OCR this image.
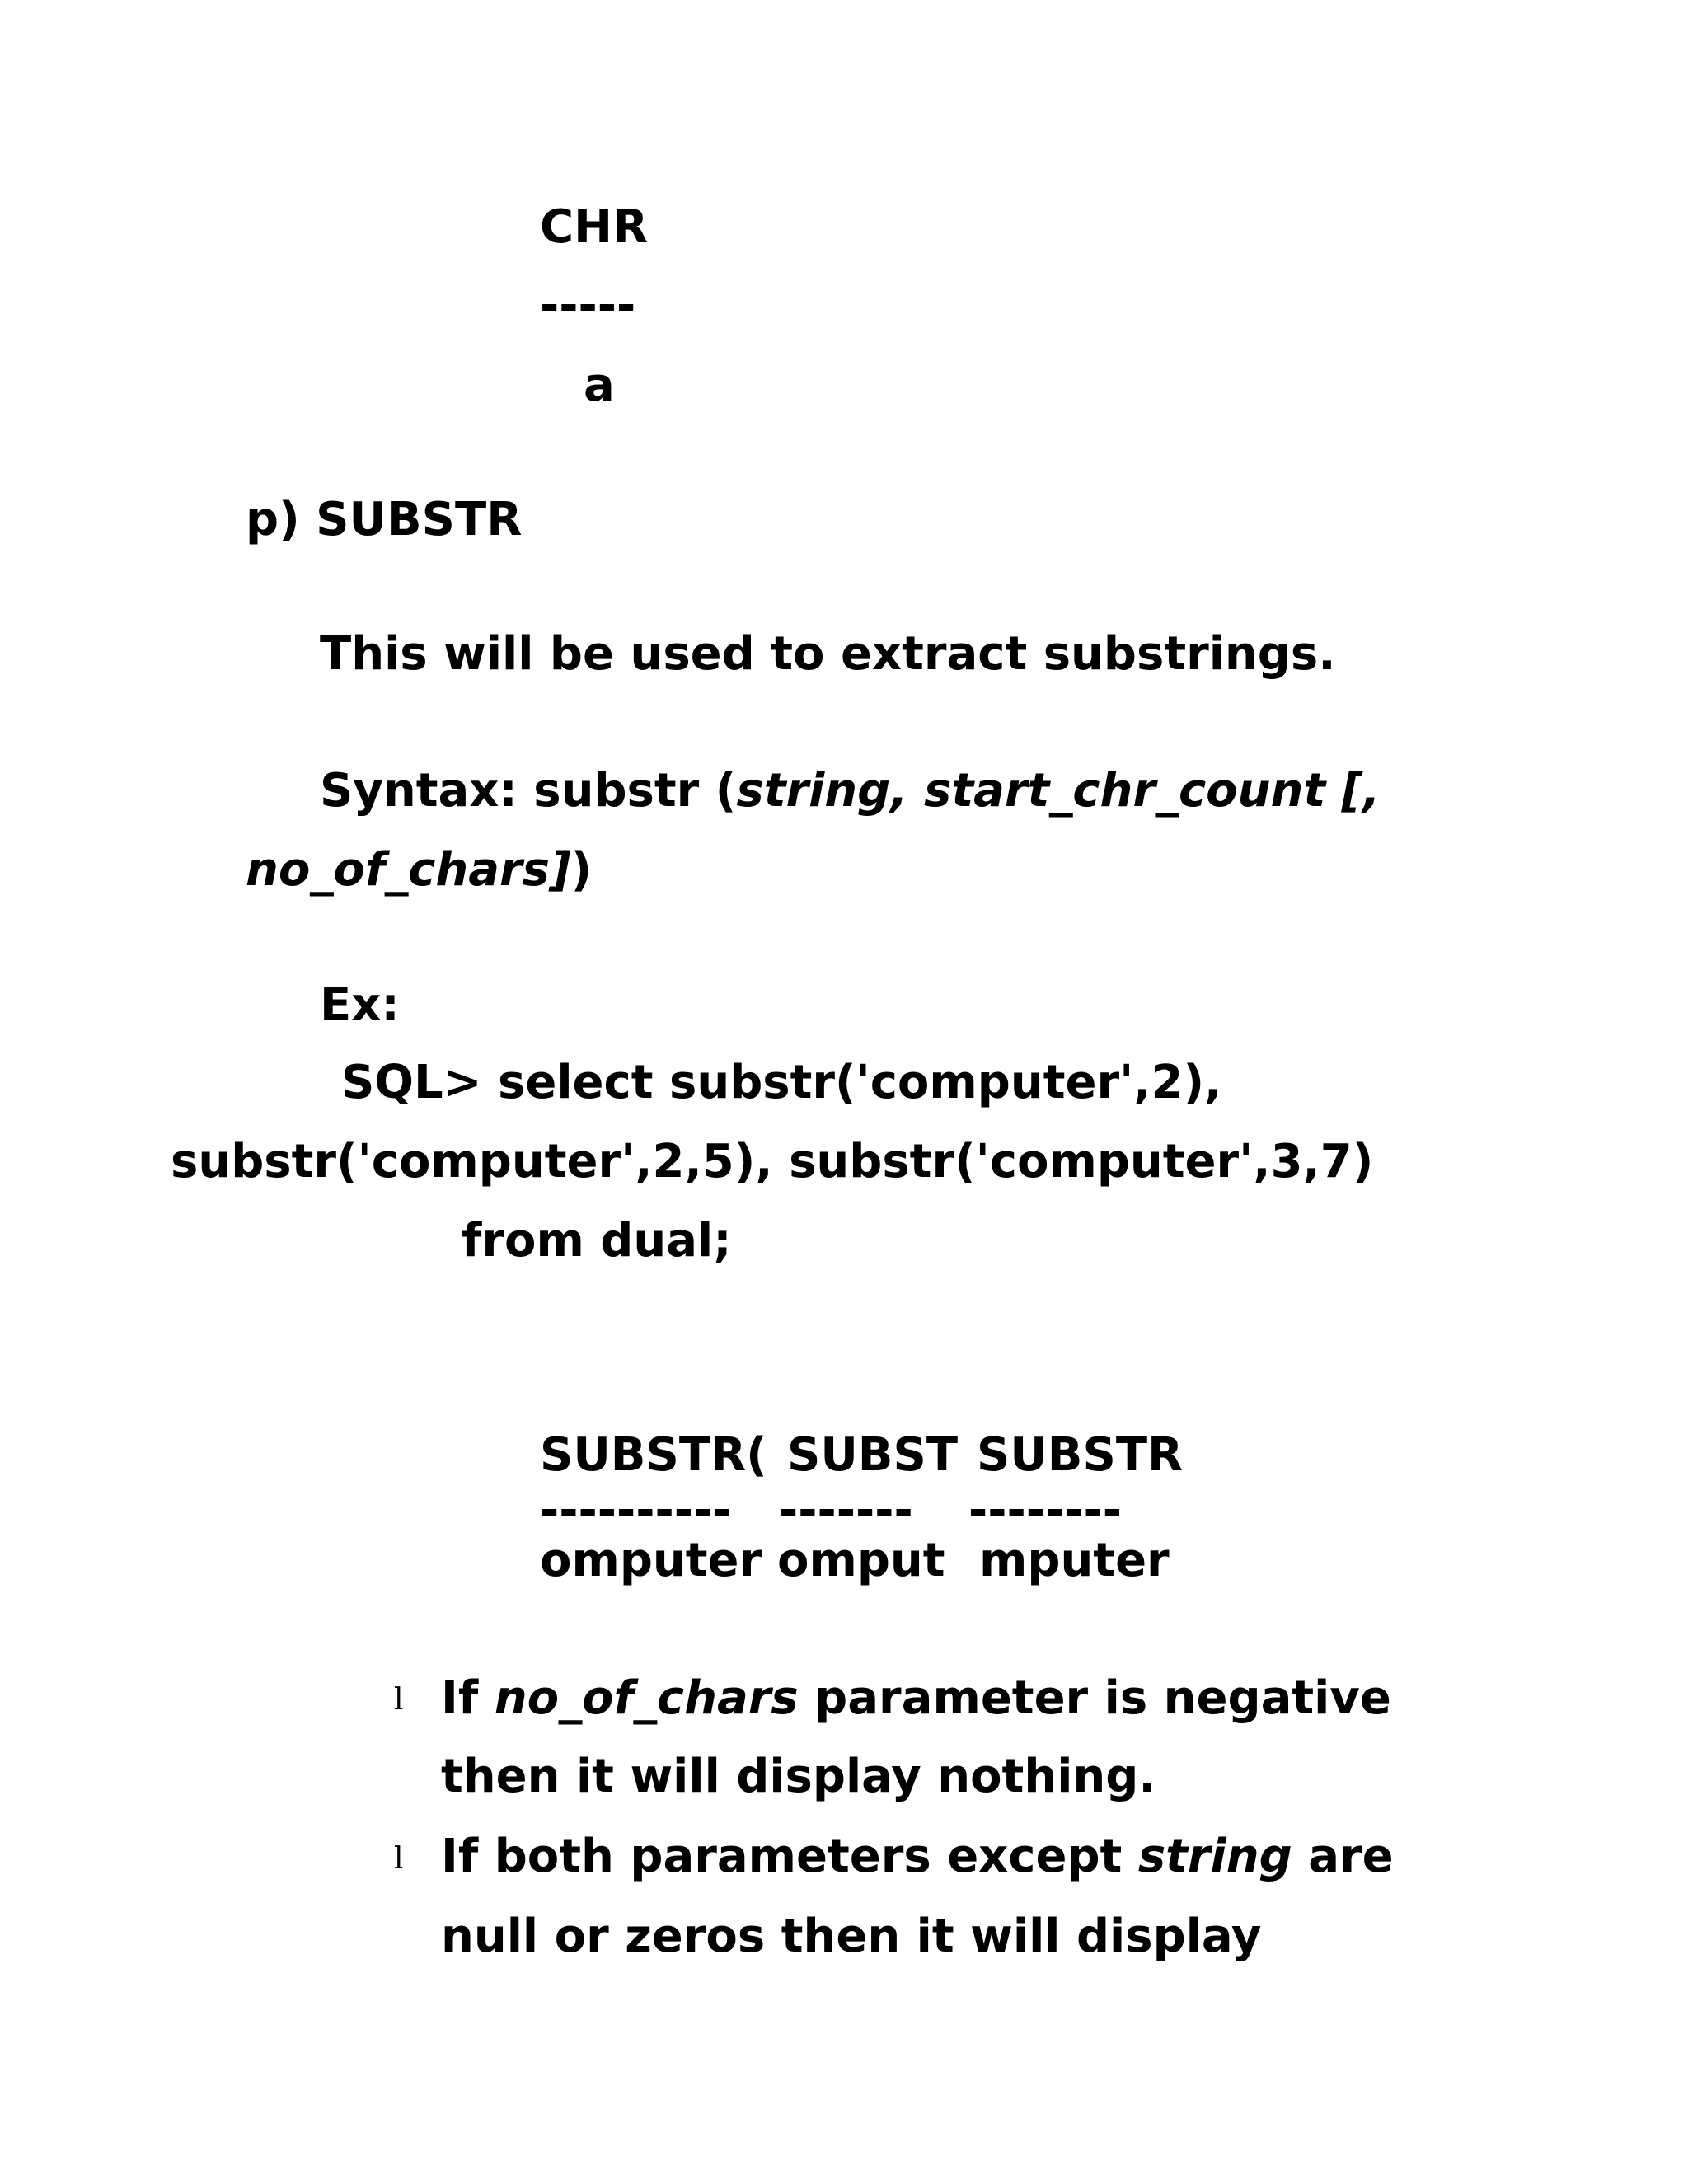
CHR
-----
a
p) SUBSTR
This will be used to extract substrings.
Syntax: substr (string, start_chr_count [,
no_of_chars])
Ex:
SQL> select substr('computer',2),
substr('computer',2,5), substr('computer',3,7)
from dual;
SUBSTR( SUBST SUBSTR
---------- ------- --------
omputer omput mputer
l If no_of_chars parameter is negative
then it will display nothing.
l If both parameters except string are
null or zeros then it will display
